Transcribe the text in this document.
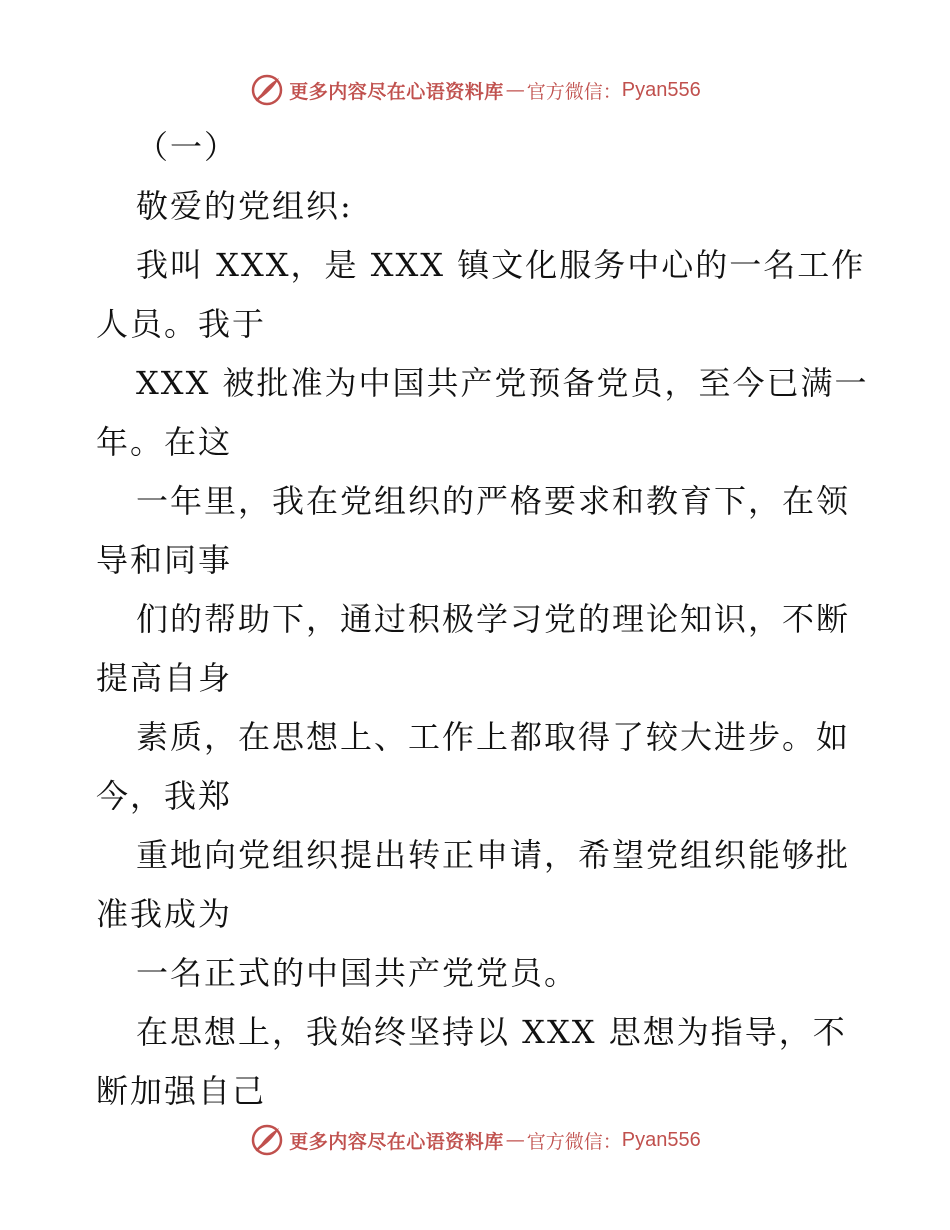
更多内容尽在心语资料库 — 官方微信： Pyan556
（一）
敬爱的党组织:
我叫 XXX，是 XXX 镇文化服务中心的一名工作
人员。我于
XXX 被批准为中国共产党预备党员，至今已满一
年。在这
一年里，我在党组织的严格要求和教育下，在领
导和同事
们的帮助下，通过积极学习党的理论知识，不断
提高自身
素质，在思想上、工作上都取得了较大进步。如
今，我郑
重地向党组织提出转正申请，希望党组织能够批
准我成为
一名正式的中国共产党党员。
在思想上，我始终坚持以 XXX 思想为指导，不
断加强自己
更多内容尽在心语资料库 — 官方微信： Pyan556
